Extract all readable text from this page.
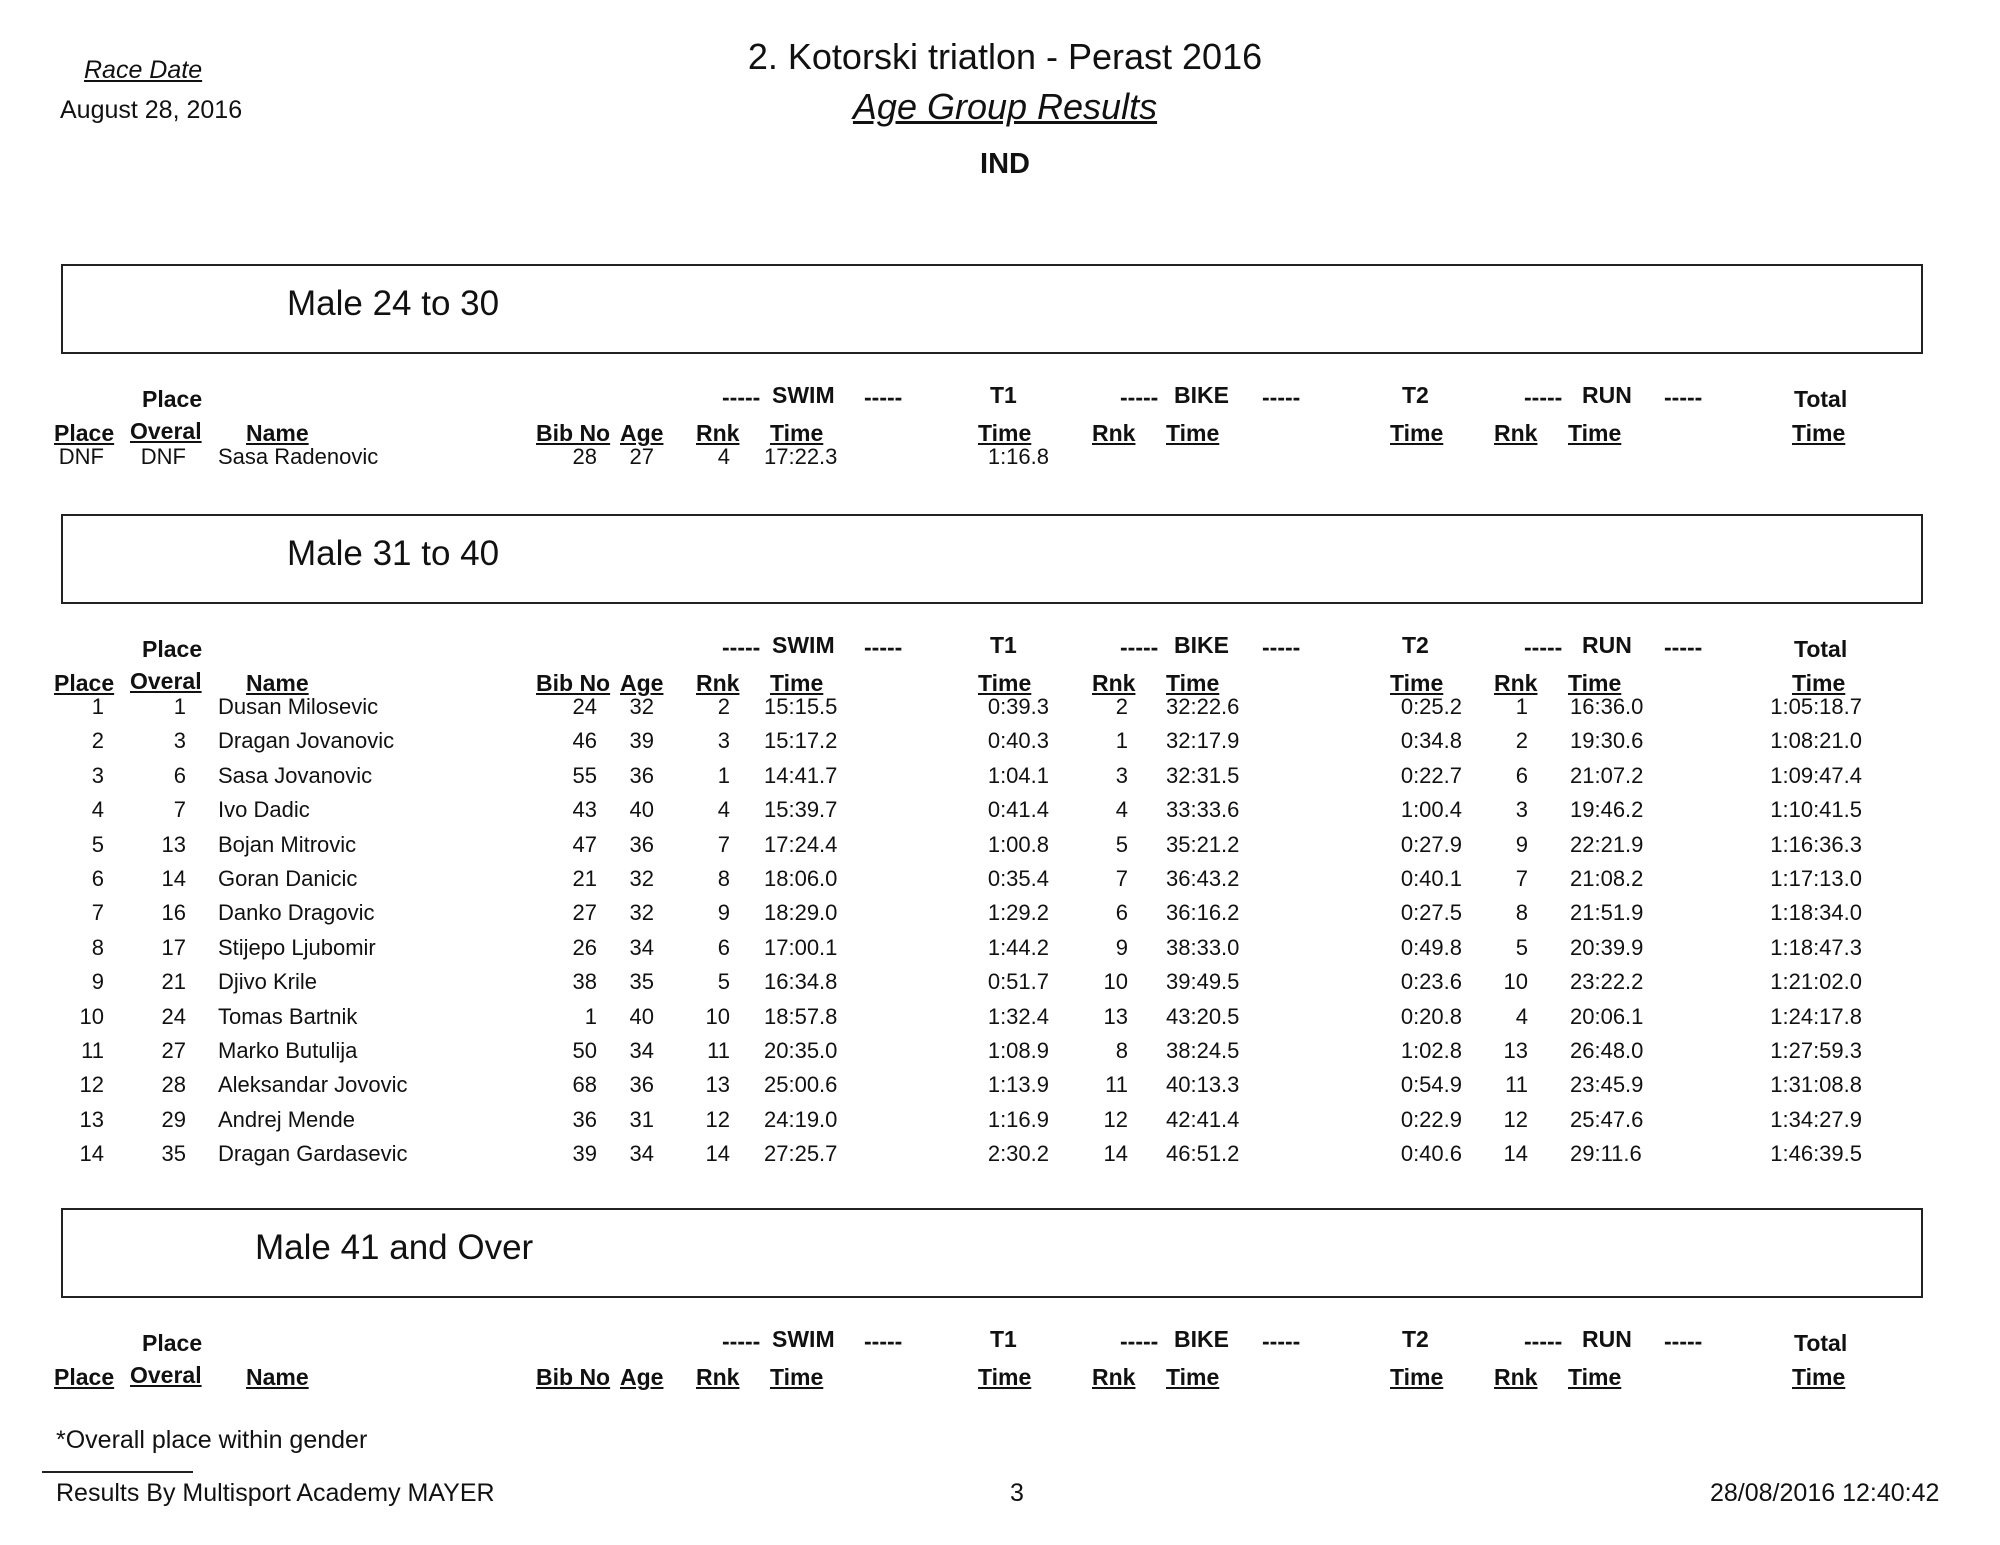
Race Date
August 28, 2016
2. Kotorski triatlon - Perast 2016
Age Group Results
IND
Male 24 to 30
Place
Place Overal Name	Bib No Age
----- SWIM -----
Rnk Time
T1
Time
----- BIKE -----
Rnk Time
T2
Time
----- RUN -----
Rnk Time
Total
Time
DNF DNF Sasa Radenovic	28 27	4 17:22.3	1:16.8
Male 31 to 40
Place
Place Overal Name	Bib No Age
----- SWIM -----
Rnk Time
T1
Time
----- BIKE -----
Rnk Time
T2
Time
----- RUN -----
Rnk Time
Total
Time
1	1 Dusan Milosevic	24 32	2 15:15.5	0:39.3	2 32:22.6	0:25.2 1 16:36.0	1:05:18.7
2	3 Dragan Jovanovic	46 39	3 15:17.2	0:40.3	1 32:17.9	0:34.8 2 19:30.6	1:08:21.0
3	6 Sasa Jovanovic	55 36	1 14:41.7	1:04.1	3 32:31.5	0:22.7 6 21:07.2	1:09:47.4
4	7 Ivo Dadic	43 40	4 15:39.7	0:41.4	4 33:33.6	1:00.4 3 19:46.2	1:10:41.5
5	13 Bojan Mitrovic	47 36	7 17:24.4	1:00.8	5 35:21.2	0:27.9 9 22:21.9	1:16:36.3
6	14 Goran Danicic	21 32	8 18:06.0	0:35.4	7 36:43.2	0:40.1 7 21:08.2	1:17:13.0
7	16 Danko Dragovic	27 32	9 18:29.0	1:29.2	6 36:16.2	0:27.5 8 21:51.9	1:18:34.0
8	17 Stijepo Ljubomir	26 34	6 17:00.1	1:44.2	9 38:33.0	0:49.8 5 20:39.9	1:18:47.3
9	21 Djivo Krile	38 35	5 16:34.8	0:51.7 10 39:49.5	0:23.6 10 23:22.2	1:21:02.0
10	24 Tomas Bartnik	1 40 10 18:57.8	1:32.4 13 43:20.5	0:20.8 4 20:06.1	1:24:17.8
11	27 Marko Butulija	50 34 11 20:35.0	1:08.9	8 38:24.5	1:02.8 13 26:48.0	1:27:59.3
12	28 Aleksandar Jovovic	68 36 13 25:00.6	1:13.9	11 40:13.3	0:54.9 11 23:45.9	1:31:08.8
13	29 Andrej Mende	36 31 12 24:19.0	1:16.9 12 42:41.4	0:22.9 12 25:47.6	1:34:27.9
14	35 Dragan Gardasevic	39 34 14 27:25.7	2:30.2 14 46:51.2	0:40.6 14 29:11.6	1:46:39.5
Male 41 and Over
Place
Place Overal Name	Bib No Age
----- SWIM -----
Rnk Time
T1
Time
----- BIKE -----
Rnk Time
T2
Time
----- RUN -----
Rnk Time
Total
Time
*Overall place within gender
Results By Multisport Academy MAYER	3	28/08/2016 12:40:42
